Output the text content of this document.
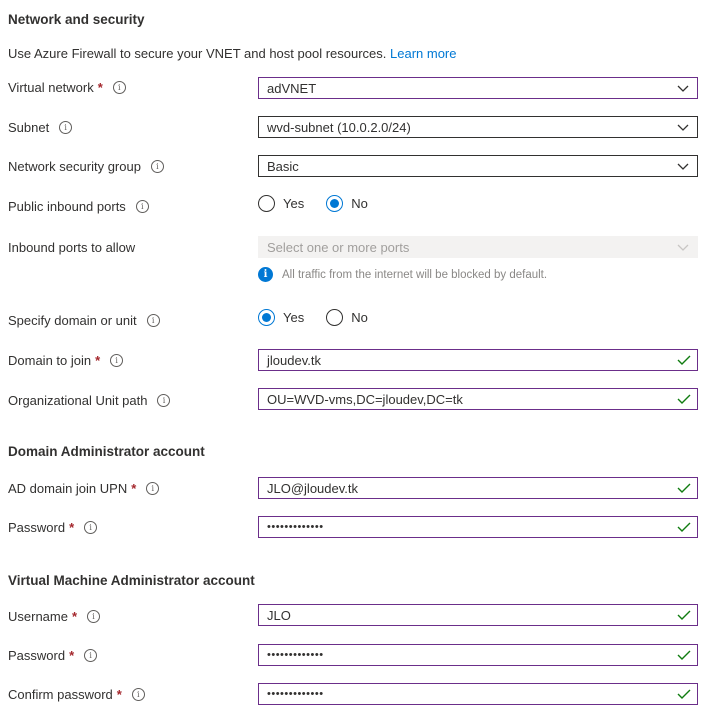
Network and security
Use Azure Firewall to secure your VNET and host pool resources. Learn more
Virtual network *	i	adVNET
Subnet	i	wvd-subnet (10.0.2.0/24)
Network security group	i	Basic
Public inbound ports	i	Yes	No
Inbound ports to allow	Select one or more ports
i	All traffic from the internet will be blocked by default.
Specify domain or unit	i	Yes	No
Domain to join *	i	jloudev.tk
Organizational Unit path	i	OU=WVD-vms,DC=jloudev,DC=tk
Domain Administrator account
AD domain join UPN *	i	JLO@jloudev.tk
Password *	i	•••••••••••••
Virtual Machine Administrator account
Username *	i	JLO
Password *	i	•••••••••••••
Confirm password *	i	•••••••••••••
